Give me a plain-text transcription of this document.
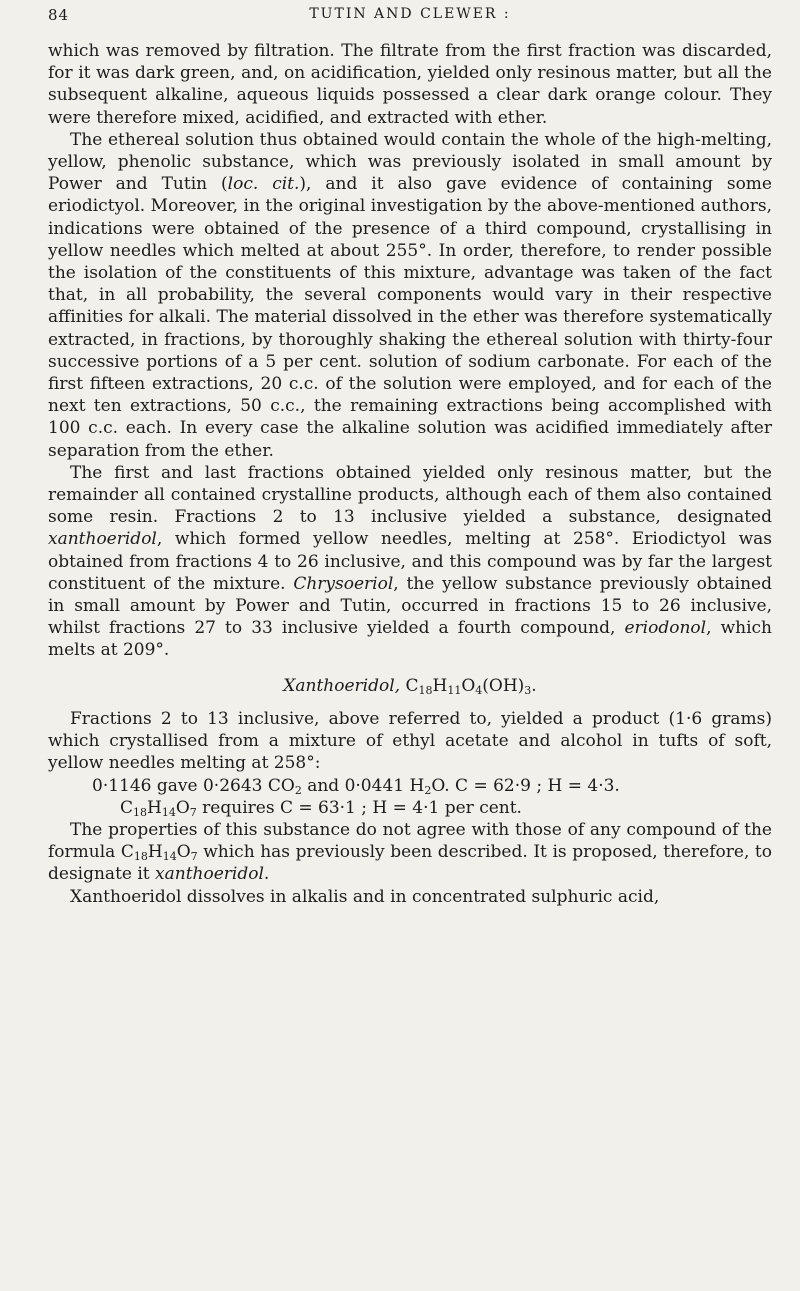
84	TUTIN AND CLEWER :

which was removed by filtration. The filtrate from the first fraction was discarded, for it was dark green, and, on acidification, yielded only resinous matter, but all the subsequent alkaline, aqueous liquids possessed a clear dark orange colour. They were therefore mixed, acidified, and extracted with ether.

The ethereal solution thus obtained would contain the whole of the high-melting, yellow, phenolic substance, which was previously isolated in small amount by Power and Tutin (loc. cit.), and it also gave evidence of containing some eriodictyol. Moreover, in the original investigation by the above-mentioned authors, indications were obtained of the presence of a third compound, crystallising in yellow needles which melted at about 255°. In order, therefore, to render possible the isolation of the constituents of this mixture, advantage was taken of the fact that, in all probability, the several components would vary in their respective affinities for alkali. The material dissolved in the ether was therefore systematically extracted, in fractions, by thoroughly shaking the ethereal solution with thirty-four successive portions of a 5 per cent. solution of sodium carbonate. For each of the first fifteen extractions, 20 c.c. of the solution were employed, and for each of the next ten extractions, 50 c.c., the remaining extractions being accomplished with 100 c.c. each. In every case the alkaline solution was acidified immediately after separation from the ether.

The first and last fractions obtained yielded only resinous matter, but the remainder all contained crystalline products, although each of them also contained some resin. Fractions 2 to 13 inclusive yielded a substance, designated xanthoeridol, which formed yellow needles, melting at 258°. Eriodictyol was obtained from fractions 4 to 26 inclusive, and this compound was by far the largest constituent of the mixture. Chrysoeriol, the yellow substance previously obtained in small amount by Power and Tutin, occurred in fractions 15 to 26 inclusive, whilst fractions 27 to 33 inclusive yielded a fourth compound, eriodonol, which melts at 209°.

Xanthoeridol, $C_{18}H_{11}O_4(OH)_3$.

Fractions 2 to 13 inclusive, above referred to, yielded a product (1·6 grams) which crystallised from a mixture of ethyl acetate and alcohol in tufts of soft, yellow needles melting at 258°:

0·1146 gave 0·2643 $CO_2$ and 0·0441 $H_2O$. C = 62·9 ; H = 4·3.

$C_{18}H_{14}O_7$ requires C = 63·1 ; H = 4·1 per cent.

The properties of this substance do not agree with those of any compound of the formula $C_{18}H_{14}O_7$ which has previously been described. It is proposed, therefore, to designate it xanthoeridol.

Xanthoeridol dissolves in alkalis and in concentrated sulphuric acid,
